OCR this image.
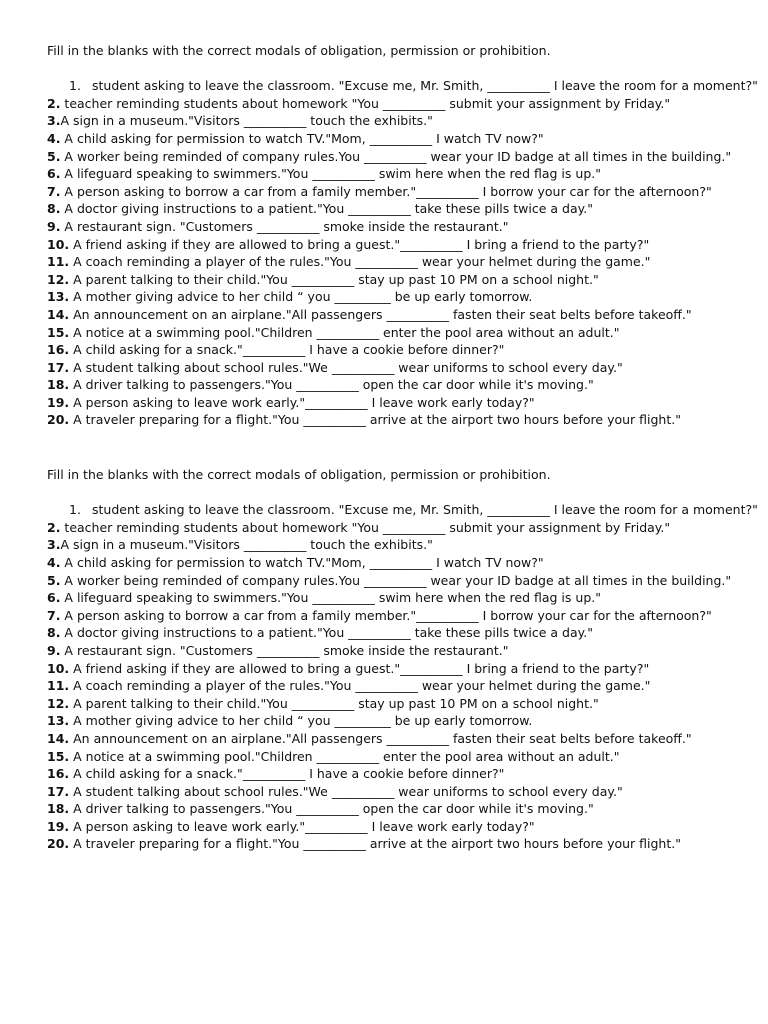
Fill in the blanks with the correct modals of obligation, permission or prohibition.
1. student asking to leave the classroom. "Excuse me, Mr. Smith, __________ I leave the room for a moment?"
2. teacher reminding students about homework "You __________ submit your assignment by Friday."
3.A sign in a museum."Visitors __________ touch the exhibits."
4. A child asking for permission to watch TV."Mom, __________ I watch TV now?"
5. A worker being reminded of company rules.You __________ wear your ID badge at all times in the building."
6. A lifeguard speaking to swimmers."You __________ swim here when the red flag is up."
7. A person asking to borrow a car from a family member."__________ I borrow your car for the afternoon?"
8. A doctor giving instructions to a patient."You __________ take these pills twice a day."
9. A restaurant sign. "Customers __________ smoke inside the restaurant."
10. A friend asking if they are allowed to bring a guest."__________ I bring a friend to the party?"
11. A coach reminding a player of the rules."You __________ wear your helmet during the game."
12. A parent talking to their child."You __________ stay up past 10 PM on a school night."
13. A mother giving advice to her child “ you _________ be up early tomorrow.
14. An announcement on an airplane."All passengers __________ fasten their seat belts before takeoff."
15. A notice at a swimming pool."Children __________ enter the pool area without an adult."
16. A child asking for a snack."__________ I have a cookie before dinner?"
17. A student talking about school rules."We __________ wear uniforms to school every day."
18. A driver talking to passengers."You __________ open the car door while it's moving."
19. A person asking to leave work early."__________ I leave work early today?"
20. A traveler preparing for a flight."You __________ arrive at the airport two hours before your flight."
Fill in the blanks with the correct modals of obligation, permission or prohibition.
1. student asking to leave the classroom. "Excuse me, Mr. Smith, __________ I leave the room for a moment?"
2. teacher reminding students about homework "You __________ submit your assignment by Friday."
3.A sign in a museum."Visitors __________ touch the exhibits."
4. A child asking for permission to watch TV."Mom, __________ I watch TV now?"
5. A worker being reminded of company rules.You __________ wear your ID badge at all times in the building."
6. A lifeguard speaking to swimmers."You __________ swim here when the red flag is up."
7. A person asking to borrow a car from a family member."__________ I borrow your car for the afternoon?"
8. A doctor giving instructions to a patient."You __________ take these pills twice a day."
9. A restaurant sign. "Customers __________ smoke inside the restaurant."
10. A friend asking if they are allowed to bring a guest."__________ I bring a friend to the party?"
11. A coach reminding a player of the rules."You __________ wear your helmet during the game."
12. A parent talking to their child."You __________ stay up past 10 PM on a school night."
13. A mother giving advice to her child “ you _________ be up early tomorrow.
14. An announcement on an airplane."All passengers __________ fasten their seat belts before takeoff."
15. A notice at a swimming pool."Children __________ enter the pool area without an adult."
16. A child asking for a snack."__________ I have a cookie before dinner?"
17. A student talking about school rules."We __________ wear uniforms to school every day."
18. A driver talking to passengers."You __________ open the car door while it's moving."
19. A person asking to leave work early."__________ I leave work early today?"
20. A traveler preparing for a flight."You __________ arrive at the airport two hours before your flight."
